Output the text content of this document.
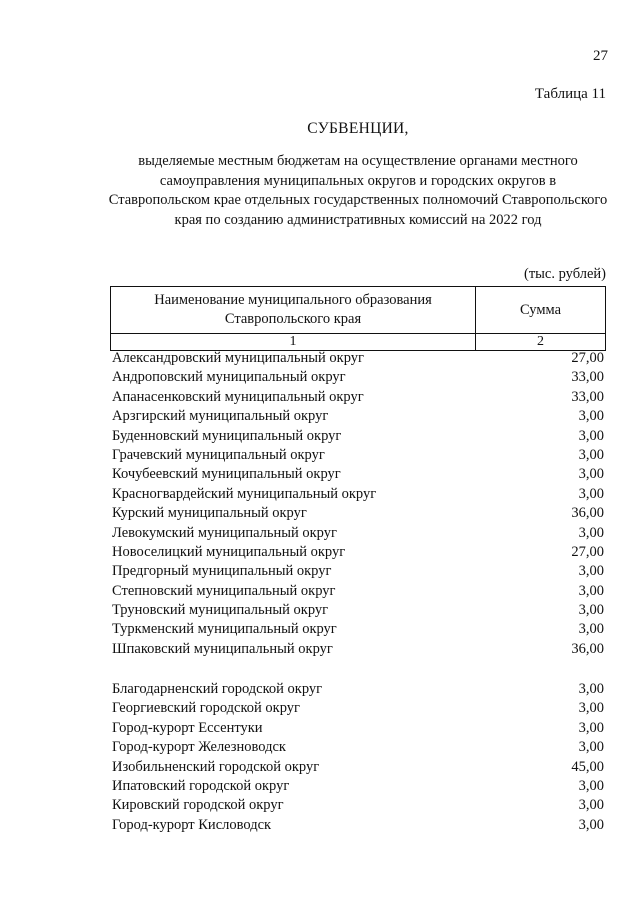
27
Таблица 11
СУБВЕНЦИИ,
выделяемые местным бюджетам на осуществление органами местного самоуправления муниципальных округов и городских округов в Ставропольском крае отдельных государственных полномочий Ставропольского края по созданию административных комиссий на 2022 год
(тыс. рублей)
Наименование муниципального образования Ставропольского края	Сумма
1	2
Александровский муниципальный округ	27,00
Андроповский муниципальный округ	33,00
Апанасенковский муниципальный округ	33,00
Арзгирский муниципальный округ	3,00
Буденновский муниципальный округ	3,00
Грачевский муниципальный округ	3,00
Кочубеевский муниципальный округ	3,00
Красногвардейский муниципальный округ	3,00
Курский муниципальный округ	36,00
Левокумский муниципальный округ	3,00
Новоселицкий муниципальный округ	27,00
Предгорный муниципальный округ	3,00
Степновский муниципальный округ	3,00
Труновский муниципальный округ	3,00
Туркменский муниципальный округ	3,00
Шпаковский муниципальный округ	36,00
Благодарненский городской округ	3,00
Георгиевский городской округ	3,00
Город-курорт Ессентуки	3,00
Город-курорт Железноводск	3,00
Изобильненский городской округ	45,00
Ипатовский городской округ	3,00
Кировский городской округ	3,00
Город-курорт Кисловодск	3,00
